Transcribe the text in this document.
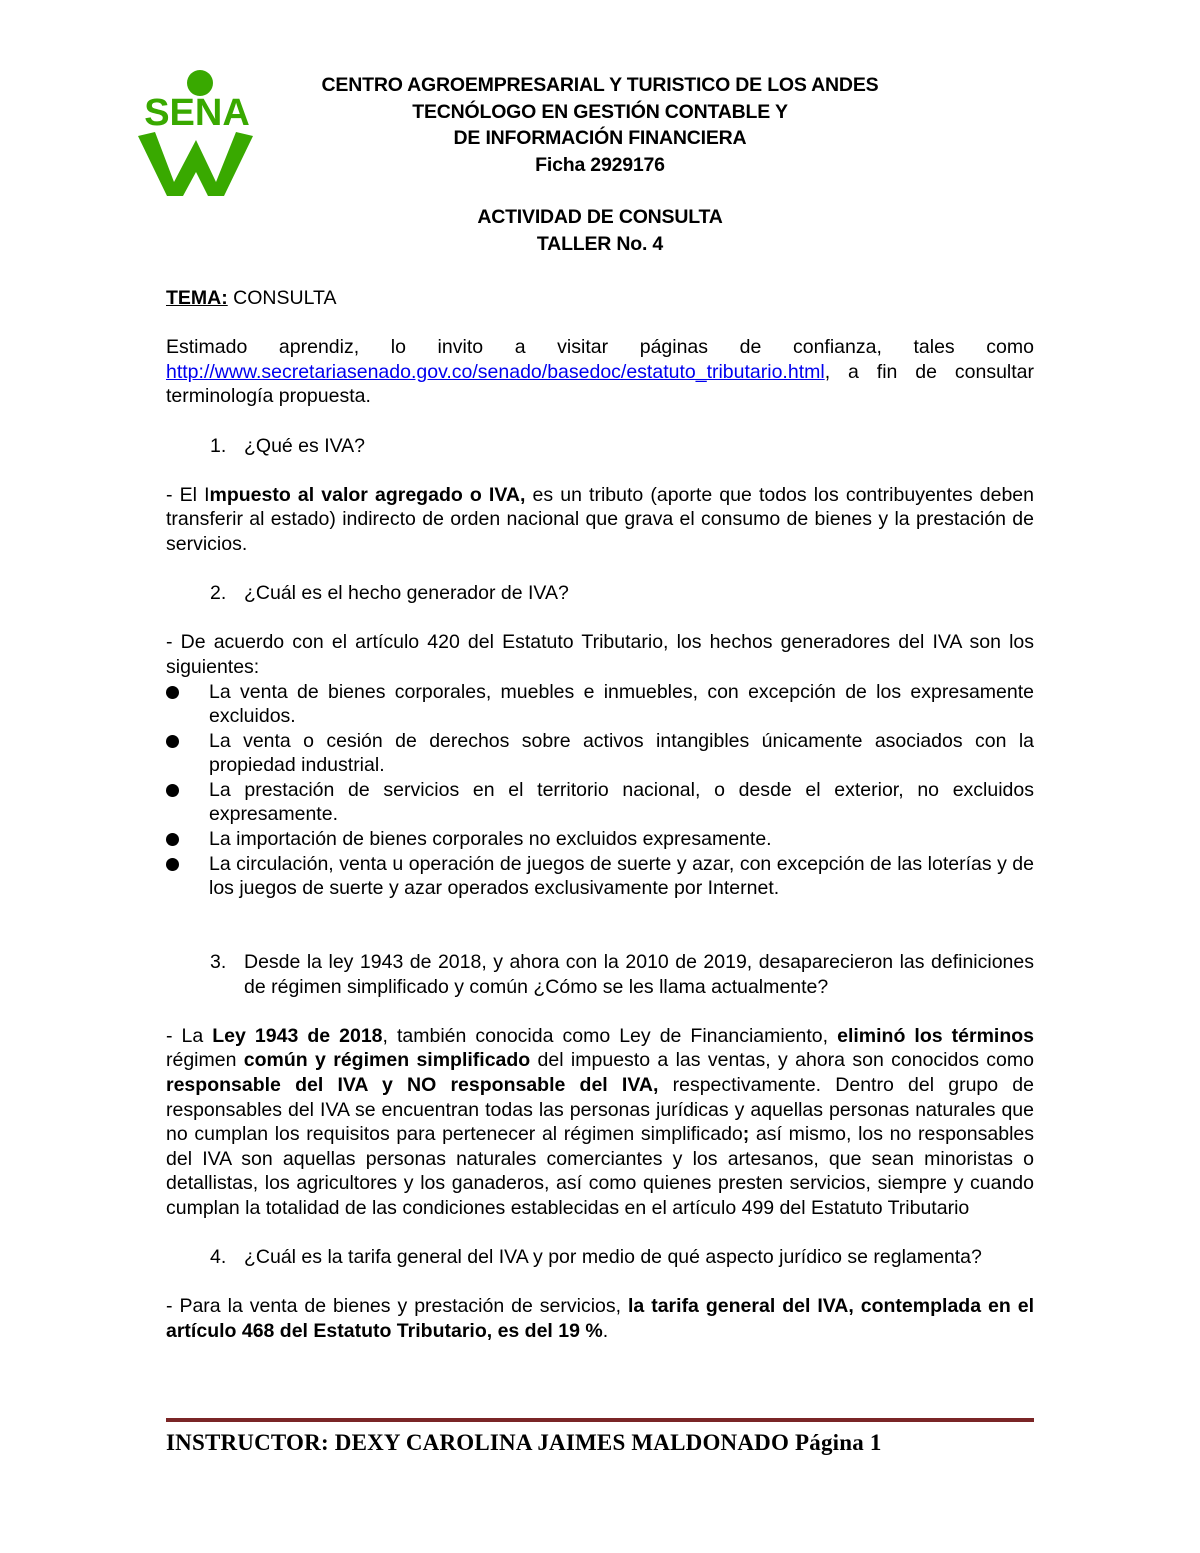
SENA
CENTRO AGROEMPRESARIAL Y TURISTICO DE LOS ANDES
TECNÓLOGO EN GESTIÓN CONTABLE Y
DE INFORMACIÓN FINANCIERA
Ficha 2929176
ACTIVIDAD DE CONSULTA
TALLER No. 4

TEMA: CONSULTA

Estimado aprendiz, lo invito a visitar páginas de confianza, tales como http://www.secretariasenado.gov.co/senado/basedoc/estatuto_tributario.html, a fin de consultar terminología propuesta.

1. ¿Qué es IVA?

- El Impuesto al valor agregado o IVA, es un tributo (aporte que todos los contribuyentes deben transferir al estado) indirecto de orden nacional que grava el consumo de bienes y la prestación de servicios.

2. ¿Cuál es el hecho generador de IVA?

- De acuerdo con el artículo 420 del Estatuto Tributario, los hechos generadores del IVA son los siguientes:

La venta de bienes corporales, muebles e inmuebles, con excepción de los expresamente excluidos.
La venta o cesión de derechos sobre activos intangibles únicamente asociados con la propiedad industrial.
La prestación de servicios en el territorio nacional, o desde el exterior, no excluidos expresamente.
La importación de bienes corporales no excluidos expresamente.
La circulación, venta u operación de juegos de suerte y azar, con excepción de las loterías y de los juegos de suerte y azar operados exclusivamente por Internet.
3. Desde la ley 1943 de 2018, y ahora con la 2010 de 2019, desaparecieron las definiciones de régimen simplificado y común ¿Cómo se les llama actualmente?

- La Ley 1943 de 2018, también conocida como Ley de Financiamiento, eliminó los términos régimen común y régimen simplificado del impuesto a las ventas, y ahora son conocidos como responsable del IVA y NO responsable del IVA, respectivamente. Dentro del grupo de responsables del IVA se encuentran todas las personas jurídicas y aquellas personas naturales que no cumplan los requisitos para pertenecer al régimen simplificado; así mismo, los no responsables del IVA son aquellas personas naturales comerciantes y los artesanos, que sean minoristas o detallistas, los agricultores y los ganaderos, así como quienes presten servicios, siempre y cuando cumplan la totalidad de las condiciones establecidas en el artículo 499 del Estatuto Tributario

4. ¿Cuál es la tarifa general del IVA y por medio de qué aspecto jurídico se reglamenta?

- Para la venta de bienes y prestación de servicios, la tarifa general del IVA, contemplada en el artículo 468 del Estatuto Tributario, es del 19 %.

INSTRUCTOR: DEXY CAROLINA JAIMES MALDONADO Página 1
